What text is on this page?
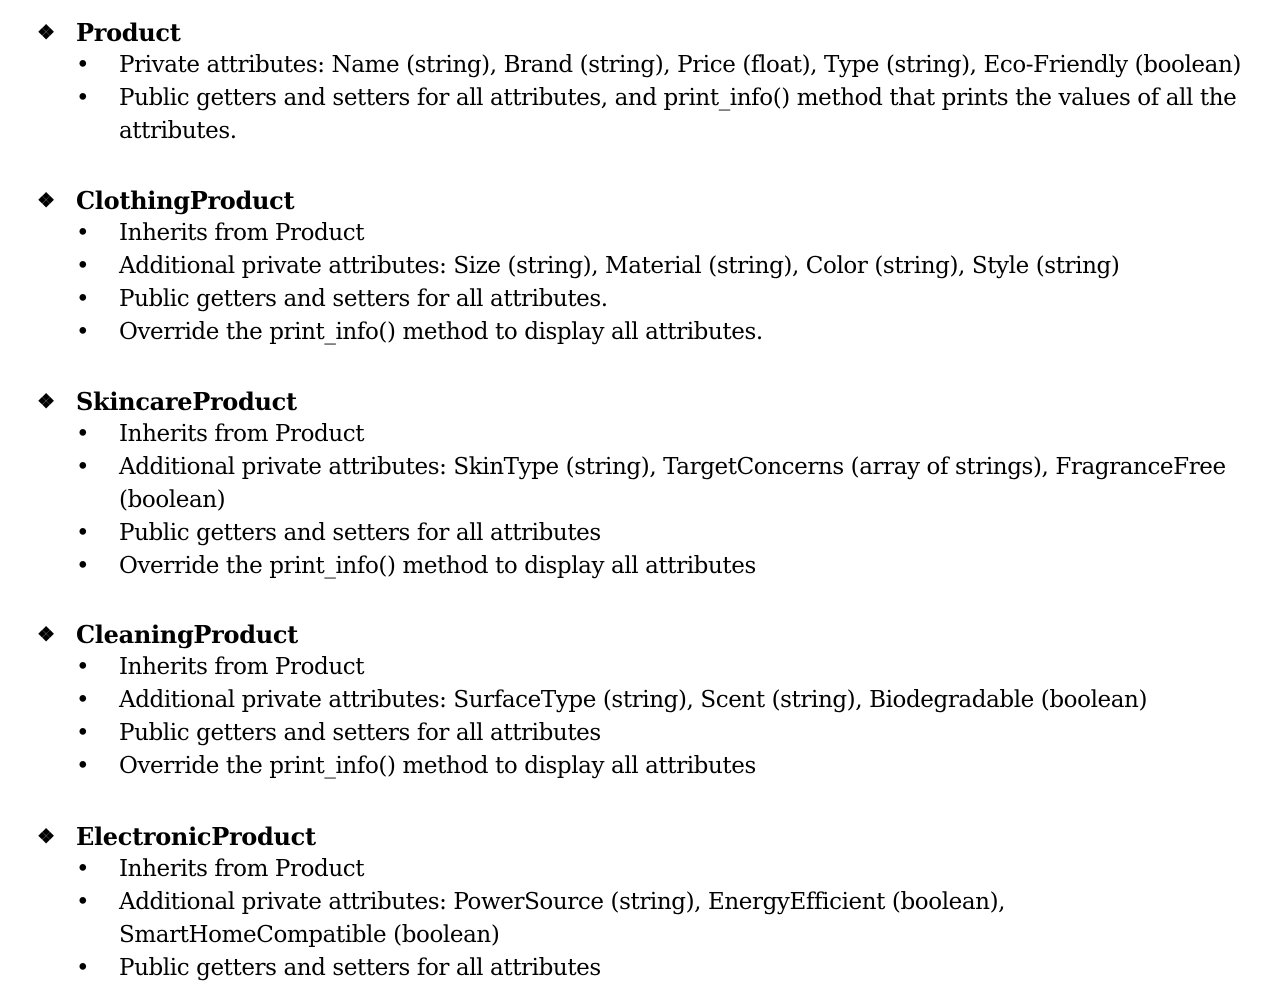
❖ Product
• Private attributes: Name (string), Brand (string), Price (float), Type (string), Eco-Friendly (boolean)
• Public getters and setters for all attributes, and print_info() method that prints the values of all the attributes.
❖ ClothingProduct
• Inherits from Product
• Additional private attributes: Size (string), Material (string), Color (string), Style (string)
• Public getters and setters for all attributes.
• Override the print_info() method to display all attributes.
❖ SkincareProduct
• Inherits from Product
• Additional private attributes: SkinType (string), TargetConcerns (array of strings), FragranceFree (boolean)
• Public getters and setters for all attributes
• Override the print_info() method to display all attributes
❖ CleaningProduct
• Inherits from Product
• Additional private attributes: SurfaceType (string), Scent (string), Biodegradable (boolean)
• Public getters and setters for all attributes
• Override the print_info() method to display all attributes
❖ ElectronicProduct
• Inherits from Product
• Additional private attributes: PowerSource (string), EnergyEfficient (boolean), SmartHomeCompatible (boolean)
• Public getters and setters for all attributes
